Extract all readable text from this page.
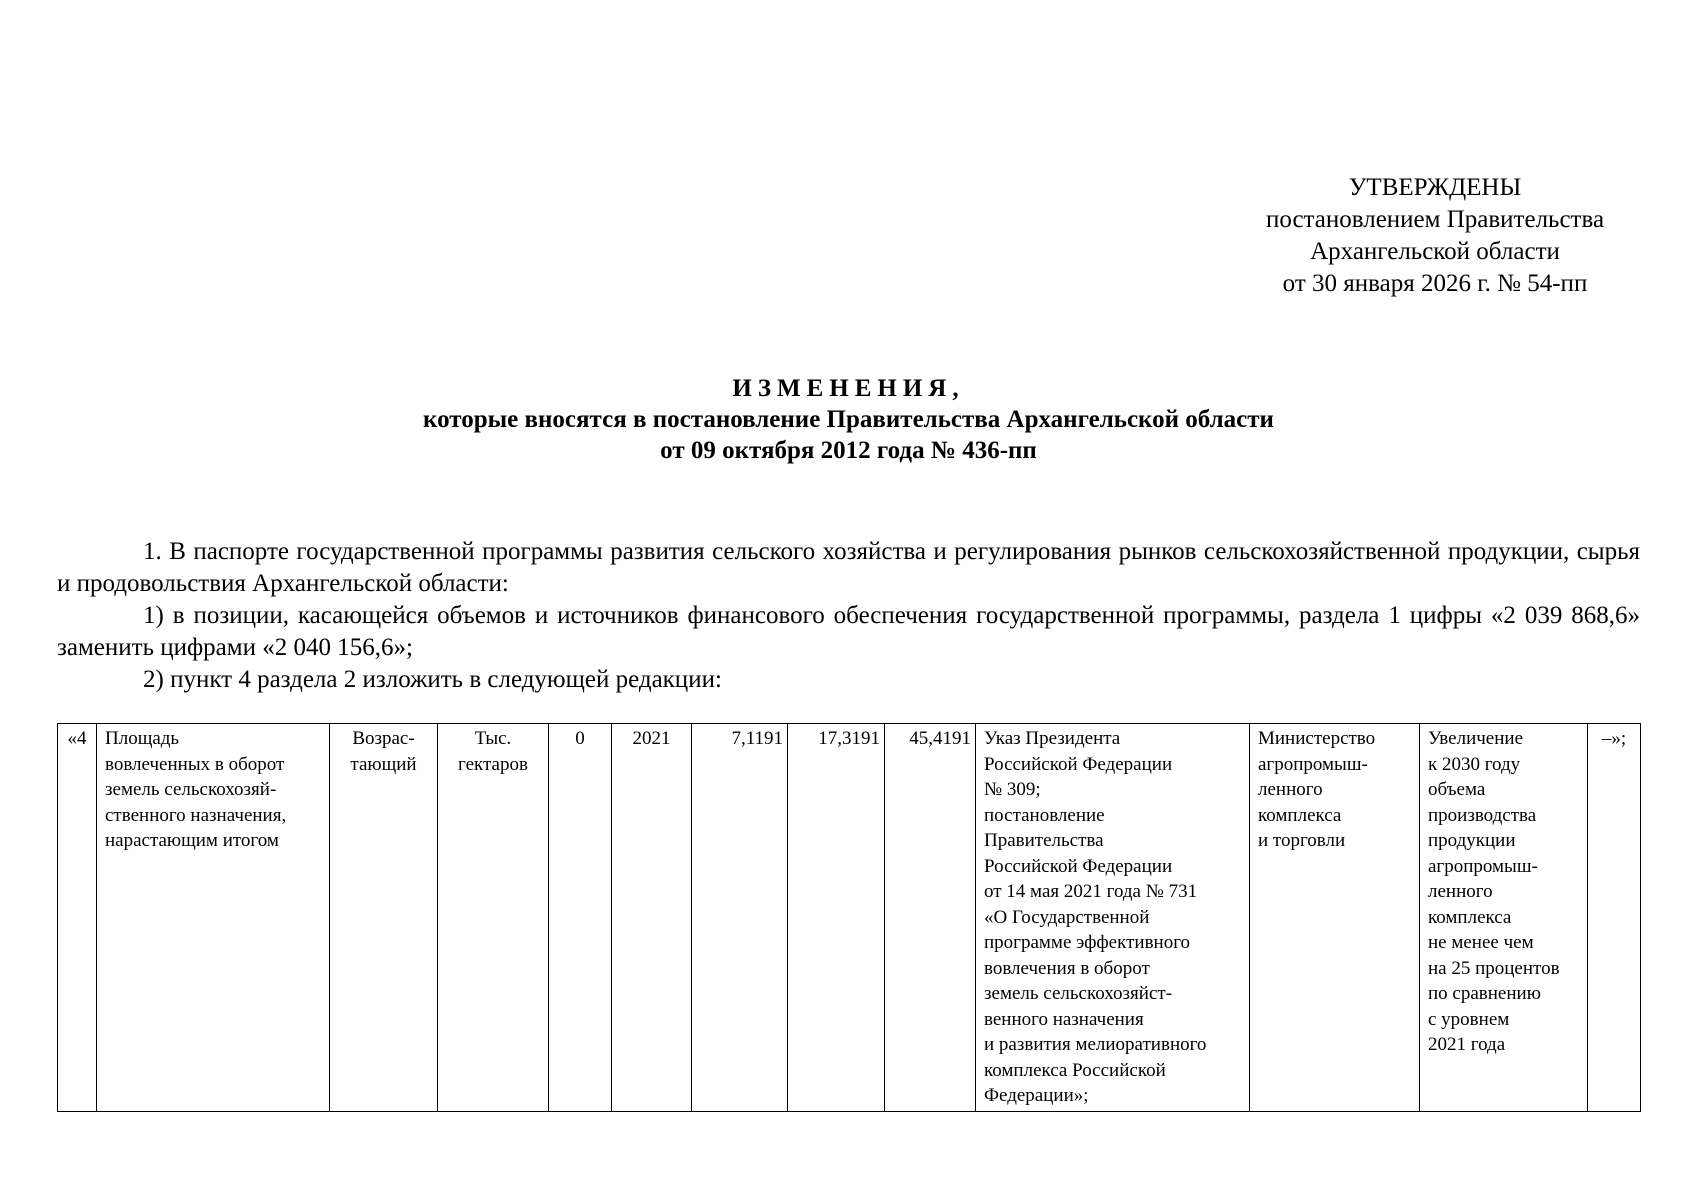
УТВЕРЖДЕНЫ
постановлением Правительства
Архангельской области
от 30 января 2026 г. № 54-пп
ИЗМЕНЕНИЯ,
которые вносятся в постановление Правительства Архангельской области
от 09 октября 2012 года № 436-пп

1. В паспорте государственной программы развития сельского хозяйства и регулирования рынков сельскохозяйственной продукции, сырья и продовольствия Архангельской области:

1) в позиции, касающейся объемов и источников финансового обеспечения государственной программы, раздела 1 цифры «2 039 868,6» заменить цифрами «2 040 156,6»;

2) пункт 4 раздела 2 изложить в следующей редакции:

«4	Площадь
вовлеченных в оборот
земель сельскохозяй-
ственного назначения,
нарастающим итогом	Возрас-
тающий	Тыс.
гектаров	0	2021	7,1191	17,3191	45,4191	Указ Президента
Российской Федерации
№ 309;
постановление
Правительства
Российской Федерации
от 14 мая 2021 года № 731
«О Государственной
программе эффективного
вовлечения в оборот
земель сельскохозяйст-
венного назначения
и развития мелиоративного
комплекса Российской
Федерации»;	Министерство
агропромыш-
ленного
комплекса
и торговли	Увеличение
к 2030 году
объема
производства
продукции
агропромыш-
ленного
комплекса
не менее чем
на 25 процентов
по сравнению
с уровнем
2021 года	–»;
